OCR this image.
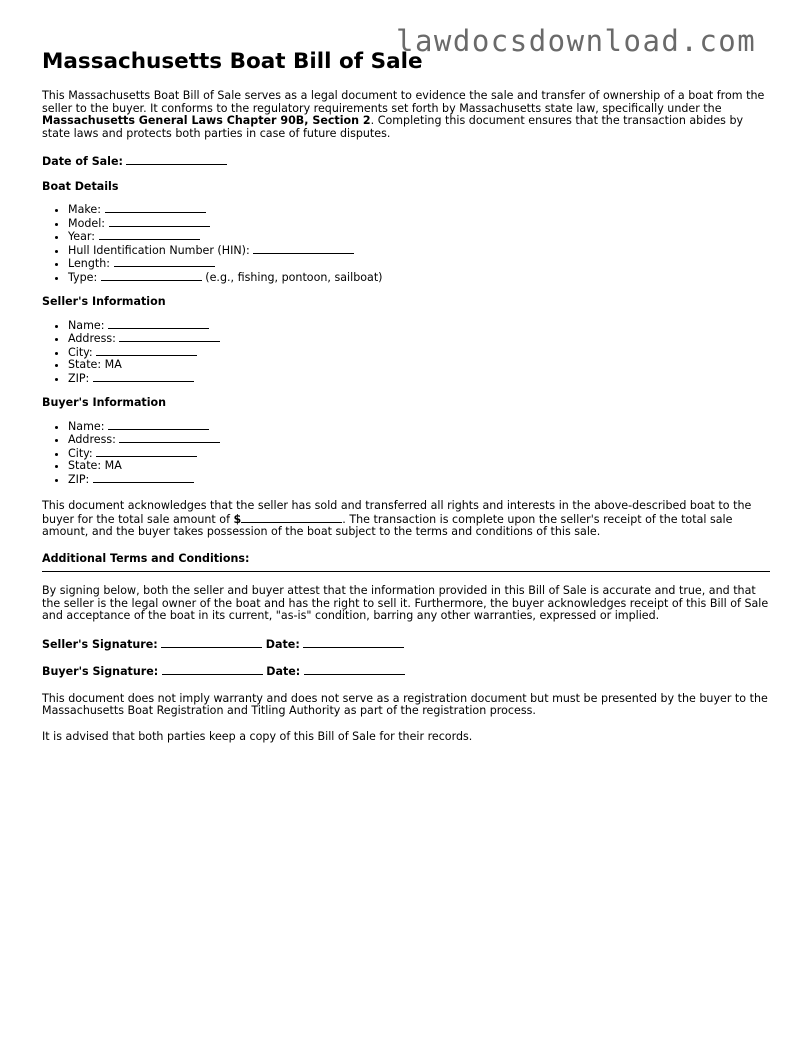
lawdocsdownload.com
Massachusetts Boat Bill of Sale

This Massachusetts Boat Bill of Sale serves as a legal document to evidence the sale and transfer of ownership of a boat from the seller to the buyer. It conforms to the regulatory requirements set forth by Massachusetts state law, specifically under the Massachusetts General Laws Chapter 90B, Section 2. Completing this document ensures that the transaction abides by state laws and protects both parties in case of future disputes.

Date of Sale:

Boat Details
• Make:
• Model:
• Year:
• Hull Identification Number (HIN):
• Length:
• Type:	(e.g., fishing, pontoon, sailboat)
Seller's Information
• Name:
• Address:
• City:
• State: MA
• ZIP:
Buyer's Information
• Name:
• Address:
• City:
• State: MA
• ZIP:

This document acknowledges that the seller has sold and transferred all rights and interests in the above-described boat to the buyer for the total sale amount of $	. The transaction is complete upon the seller's receipt of the total sale amount, and the buyer takes possession of the boat subject to the terms and conditions of this sale.

Additional Terms and Conditions:

By signing below, both the seller and buyer attest that the information provided in this Bill of Sale is accurate and true, and that the seller is the legal owner of the boat and has the right to sell it. Furthermore, the buyer acknowledges receipt of this Bill of Sale and acceptance of the boat in its current, "as-is" condition, barring any other warranties, expressed or implied.

Seller's Signature:	Date:

Buyer's Signature:	Date:

This document does not imply warranty and does not serve as a registration document but must be presented by the buyer to the Massachusetts Boat Registration and Titling Authority as part of the registration process.

It is advised that both parties keep a copy of this Bill of Sale for their records.
